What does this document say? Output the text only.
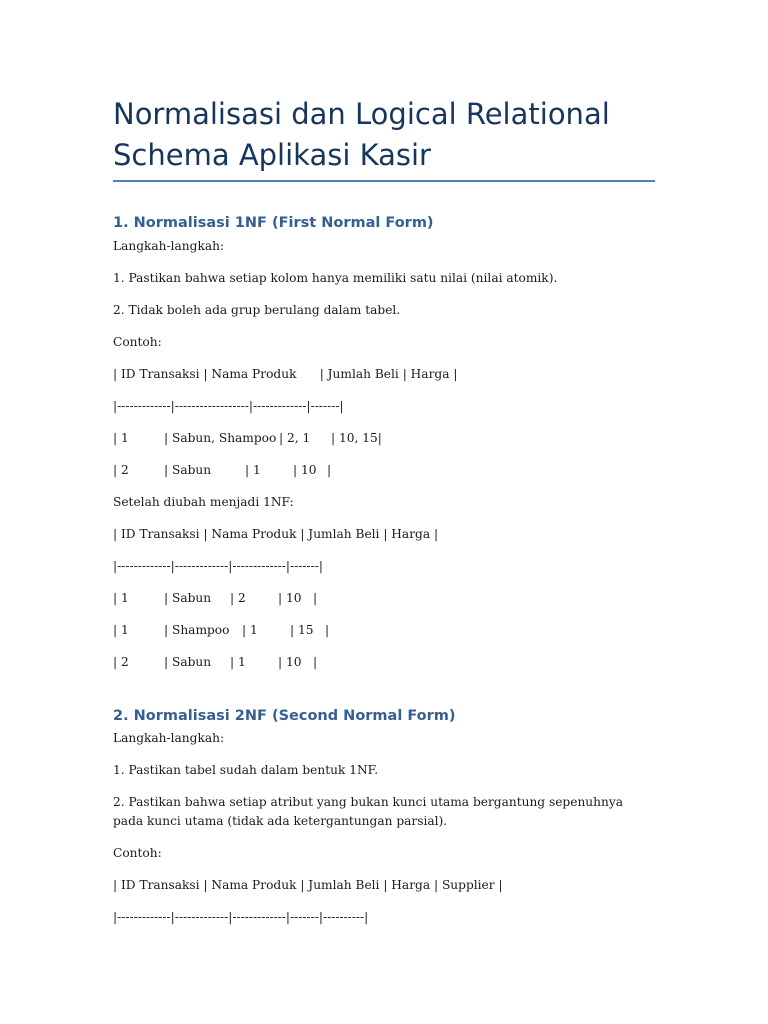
Normalisasi dan Logical Relational Schema Aplikasi Kasir
1. Normalisasi 1NF (First Normal Form)

Langkah-langkah:

1. Pastikan bahwa setiap kolom hanya memiliki satu nilai (nilai atomik).

2. Tidak boleh ada grup berulang dalam tabel.

Contoh:

| ID Transaksi | Nama Produk      | Jumlah Beli | Harga |

|-------------|------------------|-------------|-------|

| 1	| Sabun, Shampoo | 2, 1 | 10, 15|
| 2	| Sabun	| 1	| 10 |

Setelah diubah menjadi 1NF:

| ID Transaksi | Nama Produk | Jumlah Beli | Harga |

|-------------|-------------|-------------|-------|

| 1	| Sabun | 2	| 10 |
| 1	| Shampoo | 1	| 15 |
| 2	| Sabun | 1	| 10 |
2. Normalisasi 2NF (Second Normal Form)

Langkah-langkah:

1. Pastikan tabel sudah dalam bentuk 1NF.

2. Pastikan bahwa setiap atribut yang bukan kunci utama bergantung sepenuhnya pada kunci utama (tidak ada ketergantungan parsial).

Contoh:

| ID Transaksi | Nama Produk | Jumlah Beli | Harga | Supplier |

|-------------|-------------|-------------|-------|----------|
